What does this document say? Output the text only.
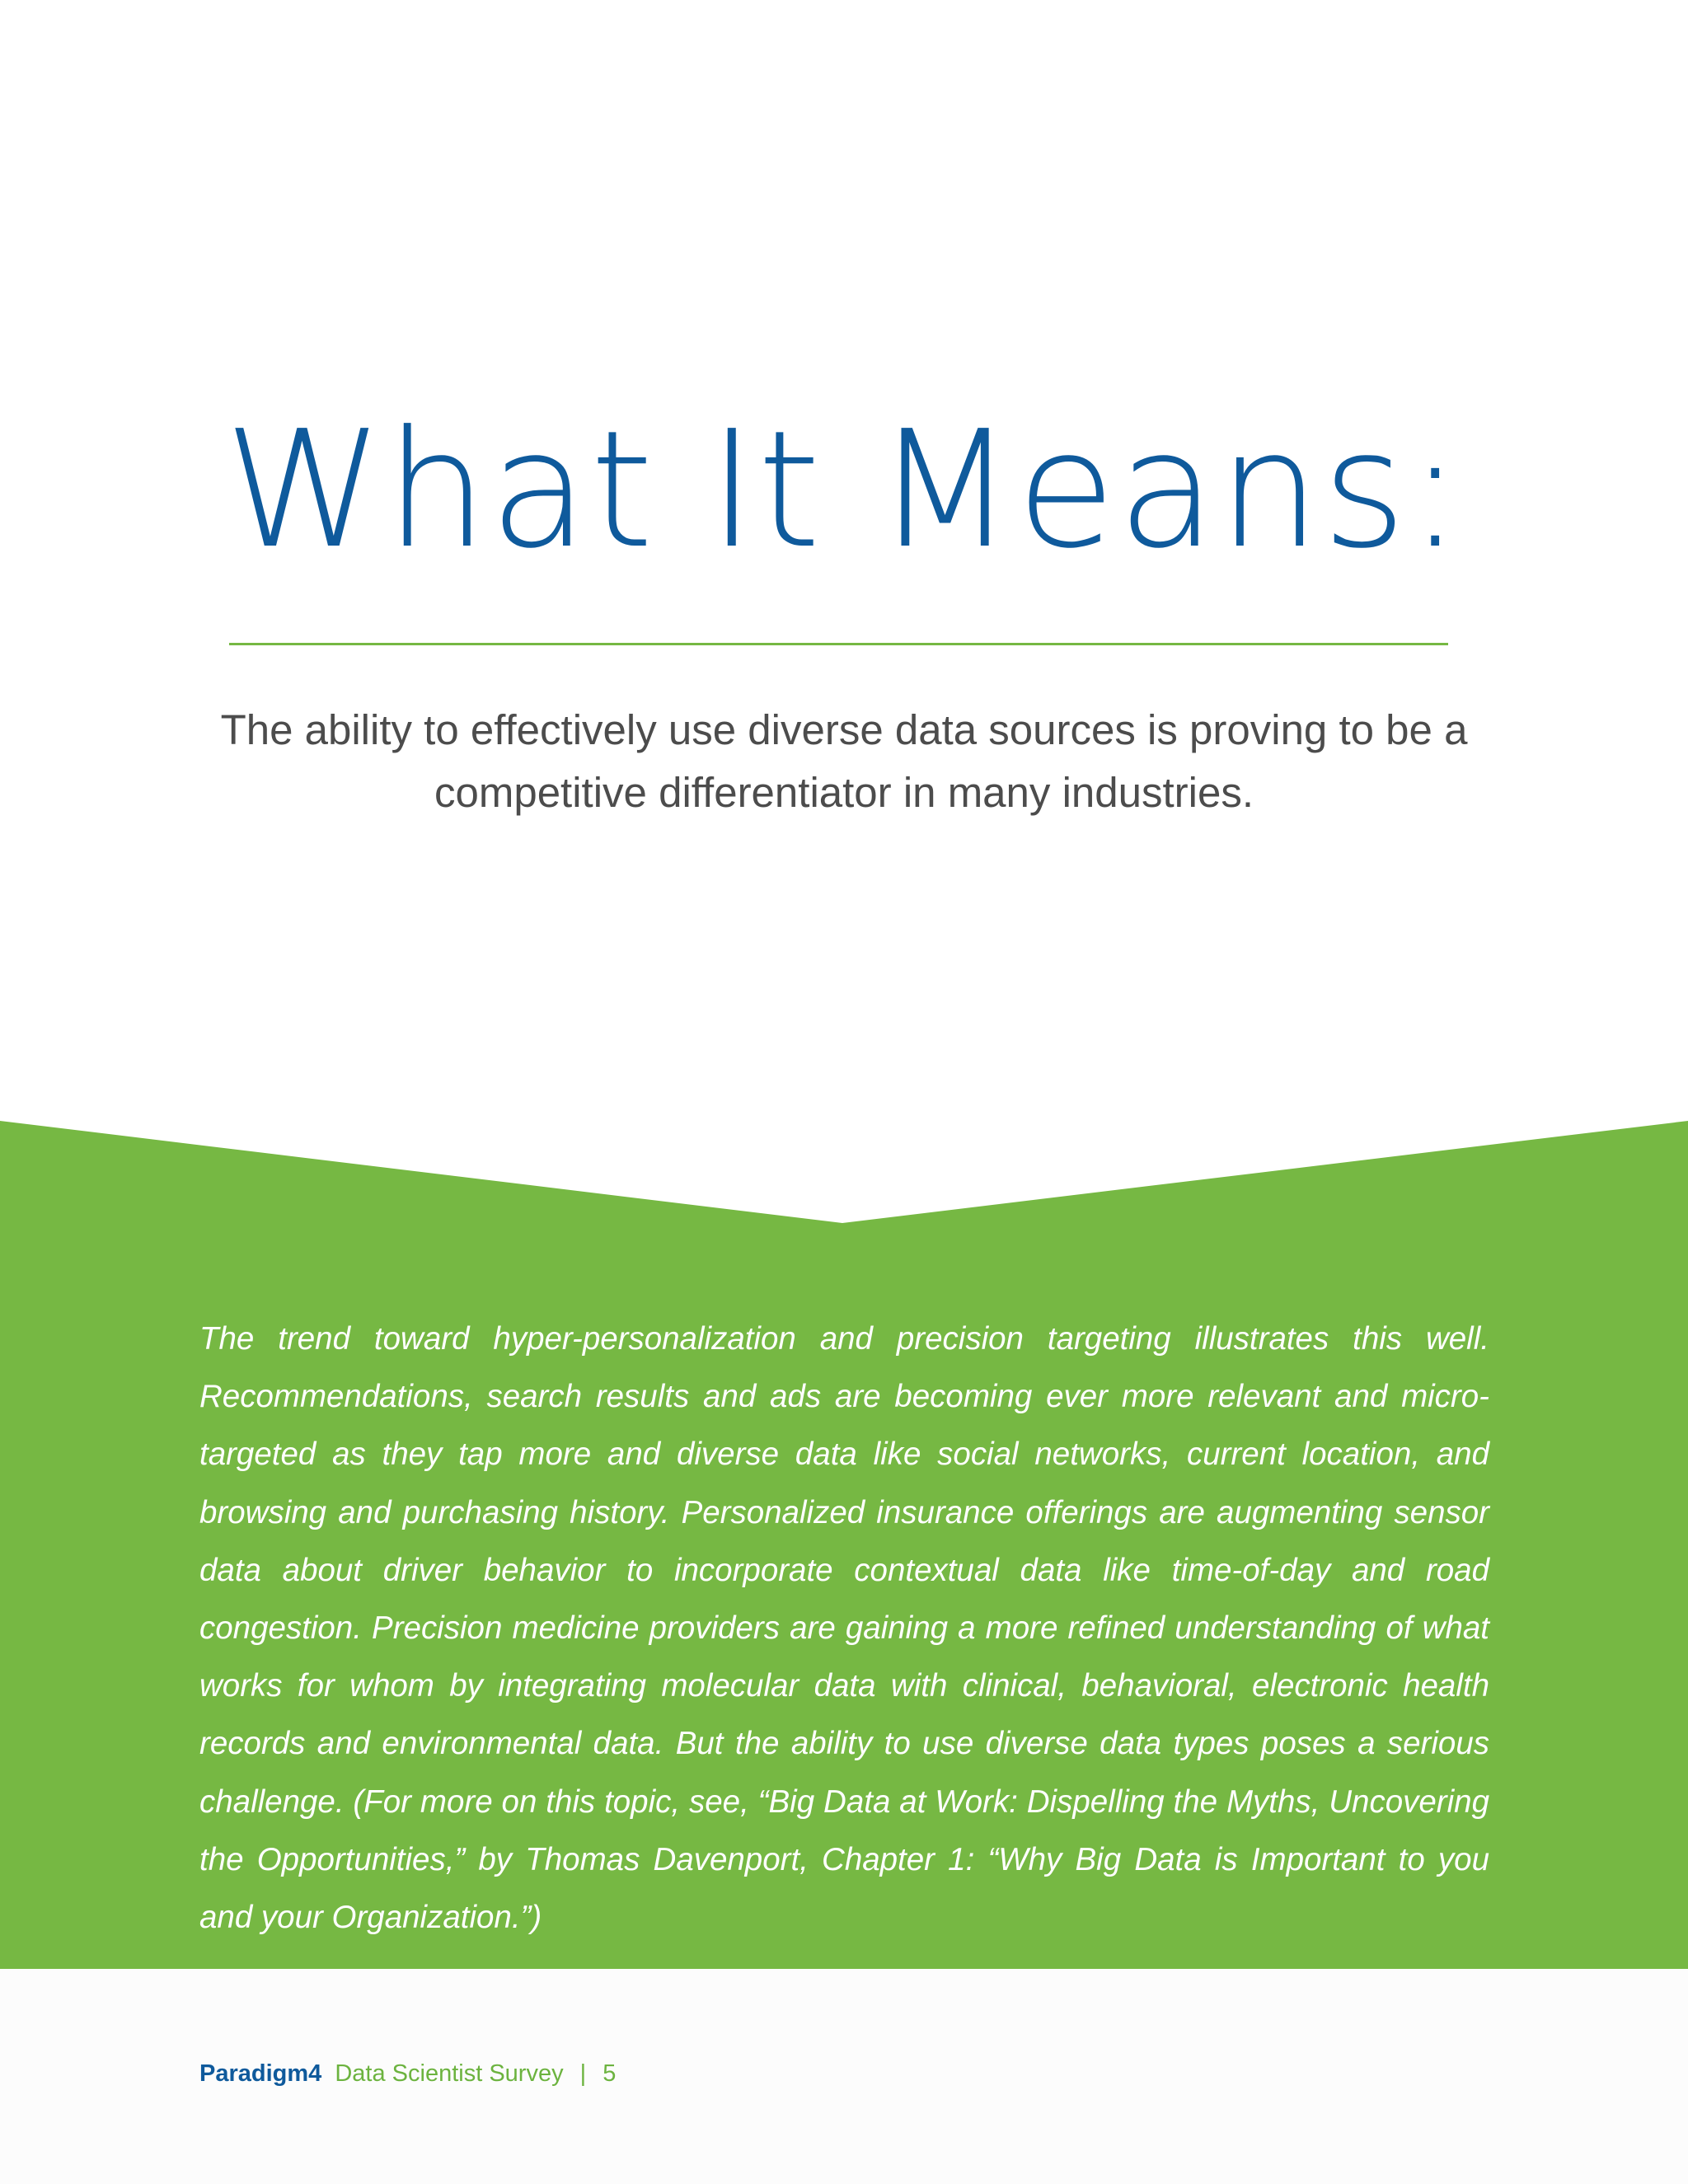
What It Means:

The ability to effectively use diverse data sources is proving to be a competitive differentiator in many industries.

The trend toward hyper-personalization and precision targeting illustrates this well. Recommendations, search results and ads are becoming ever more relevant and micro-targeted as they tap more and diverse data like social networks, current location, and browsing and purchasing history. Personalized insurance offerings are augmenting sensor data about driver behavior to incorporate contextual data like time-of-day and road congestion. Precision medicine providers are gaining a more refined understanding of what works for whom by integrating molecular data with clinical, behavioral, electronic health records and environmental data. But the ability to use diverse data types poses a serious challenge. (For more on this topic, see, “Big Data at Work: Dispelling the Myths, Uncovering the Opportunities,” by Thomas Davenport, Chapter 1: “Why Big Data is Important to you and your Organization.”)

Paradigm4 Data Scientist Survey | 5
